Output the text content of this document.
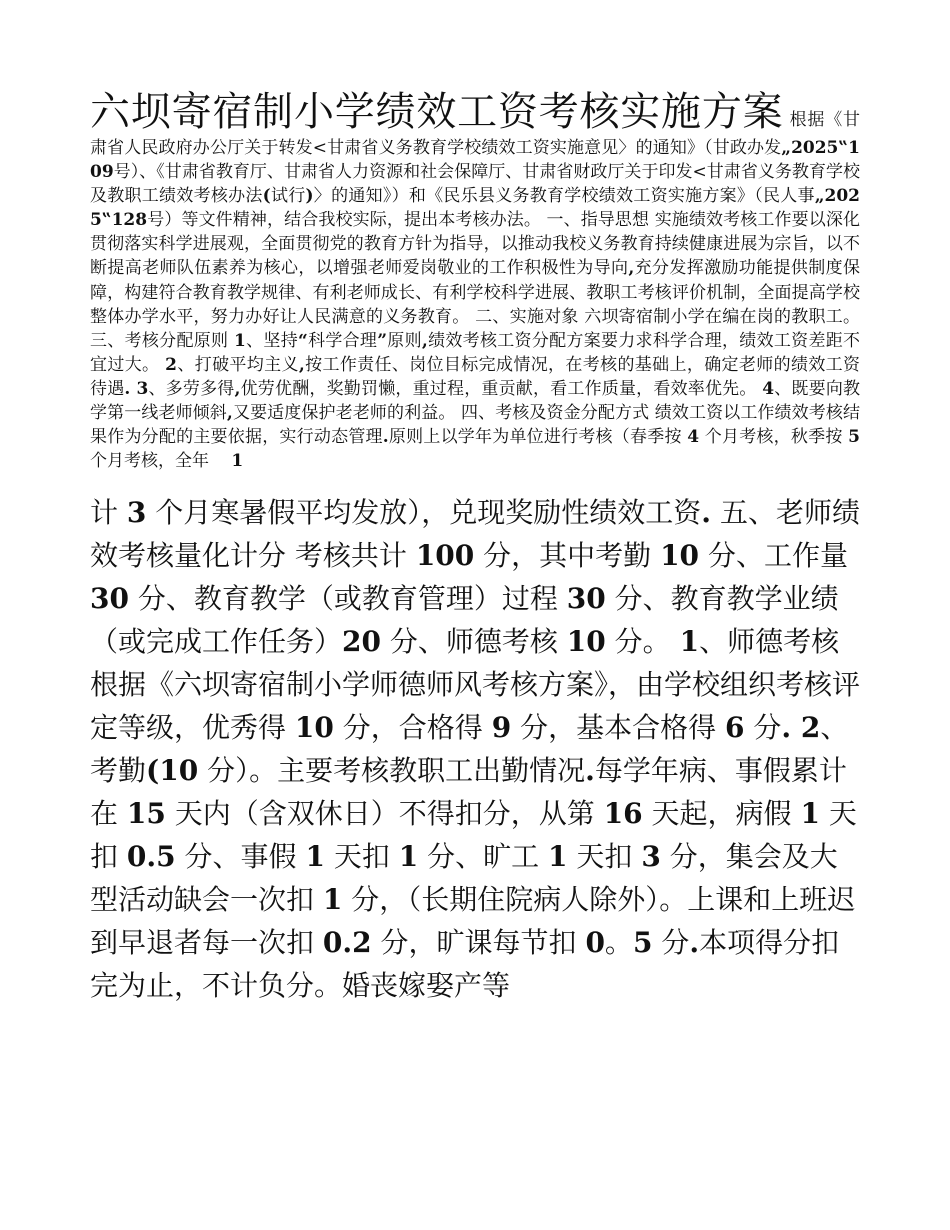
六坝寄宿制小学绩效工资考核实施方案 根据《甘肃省人民政府办公厅关于转发<甘肃省义务教育学校绩效工资实施意见〉的通知》（甘政办发„2025‟109号）、《甘肃省教育厅、甘肃省人力资源和社会保障厅、甘肃省财政厅关于印发<甘肃省义务教育学校及教职工绩效考核办法(试行)〉的通知》）和《民乐县义务教育学校绩效工资实施方案》（民人事„2025‟128号）等文件精神，结合我校实际，提出本考核办法。 一、指导思想 实施绩效考核工作要以深化贯彻落实科学进展观，全面贯彻党的教育方针为指导，以推动我校义务教育持续健康进展为宗旨，以不断提高老师队伍素养为核心，以增强老师爱岗敬业的工作积极性为导向,充分发挥激励功能提供制度保障，构建符合教育教学规律、有利老师成长、有利学校科学进展、教职工考核评价机制，全面提高学校整体办学水平，努力办好让人民满意的义务教育。 二、实施对象 六坝寄宿制小学在编在岗的教职工。 三、考核分配原则 1、坚持“科学合理”原则,绩效考核工资分配方案要力求科学合理，绩效工资差距不宜过大。 2、打破平均主义,按工作责任、岗位目标完成情况，在考核的基础上，确定老师的绩效工资待遇. 3、多劳多得,优劳优酬，奖勤罚懒，重过程，重贡献，看工作质量，看效率优先。 4、既要向教学第一线老师倾斜,又要适度保护老老师的利益。 四、考核及资金分配方式 绩效工资以工作绩效考核结果作为分配的主要依据，实行动态管理.原则上以学年为单位进行考核（春季按 4 个月考核，秋季按 5 个月考核，全年　 1

计 3 个月寒暑假平均发放），兑现奖励性绩效工资. 五、老师绩效考核量化计分 考核共计 100 分，其中考勤 10 分、工作量 30 分、教育教学（或教育管理）过程 30 分、教育教学业绩（或完成工作任务）20 分、师德考核 10 分。 1、师德考核 根据《六坝寄宿制小学师德师风考核方案》，由学校组织考核评定等级，优秀得 10 分，合格得 9 分，基本合格得 6 分. 2、考勤(10 分）。主要考核教职工出勤情况.每学年病、事假累计在 15 天内（含双休日）不得扣分，从第 16 天起，病假 1 天扣 0.5 分、事假 1 天扣 1 分、旷工 1 天扣 3 分，集会及大型活动缺会一次扣 1 分，（长期住院病人除外）。上课和上班迟到早退者每一次扣 0.2 分，旷课每节扣 0。5 分.本项得分扣完为止，不计负分。婚丧嫁娶产等
